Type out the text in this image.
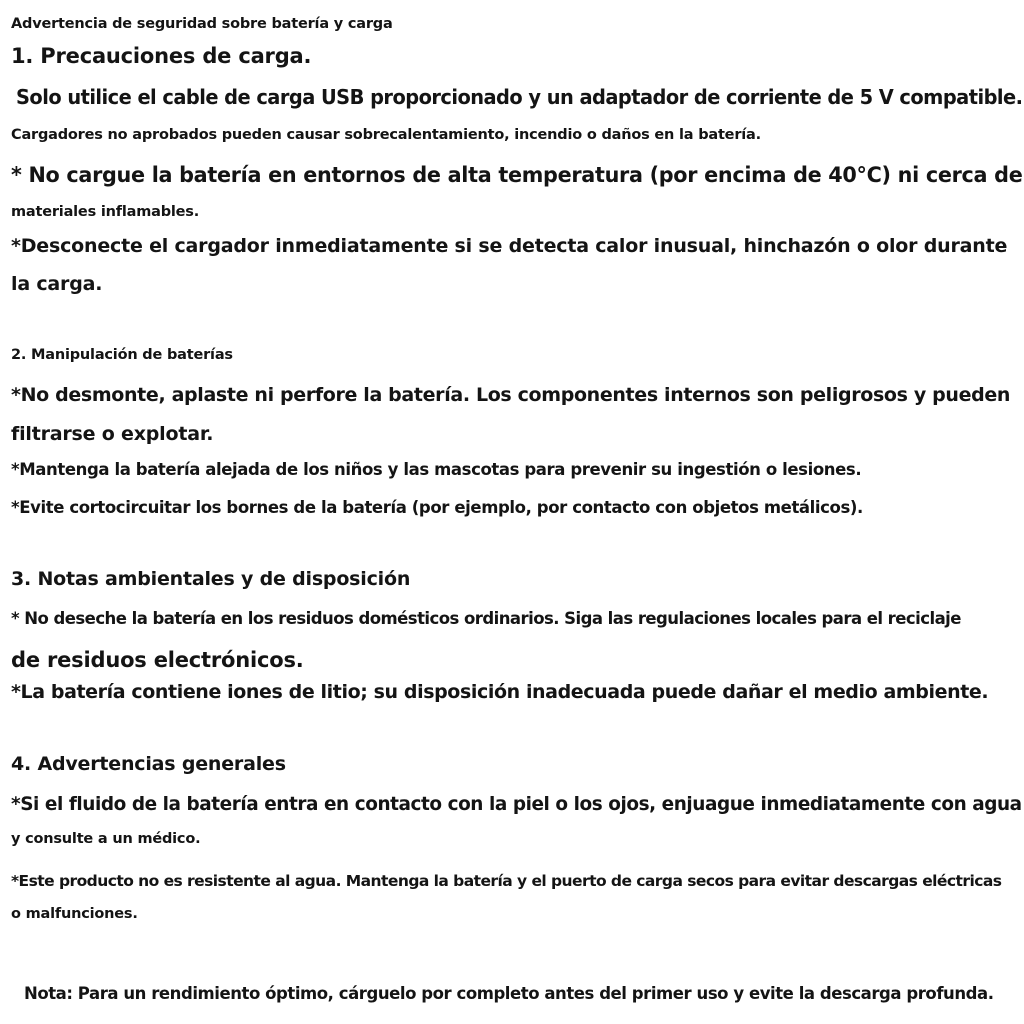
Advertencia de seguridad sobre batería y carga
1. Precauciones de carga.
Solo utilice el cable de carga USB proporcionado y un adaptador de corriente de 5 V compatible.
Cargadores no aprobados pueden causar sobrecalentamiento, incendio o daños en la batería.
* No cargue la batería en entornos de alta temperatura (por encima de 40°C) ni cerca de
materiales inflamables.
*Desconecte el cargador inmediatamente si se detecta calor inusual, hinchazón o olor durante
la carga.
2. Manipulación de baterías
*No desmonte, aplaste ni perfore la batería. Los componentes internos son peligrosos y pueden
filtrarse o explotar.
*Mantenga la batería alejada de los niños y las mascotas para prevenir su ingestión o lesiones.
*Evite cortocircuitar los bornes de la batería (por ejemplo, por contacto con objetos metálicos).
3. Notas ambientales y de disposición
* No deseche la batería en los residuos domésticos ordinarios. Siga las regulaciones locales para el reciclaje
de residuos electrónicos.
*La batería contiene iones de litio; su disposición inadecuada puede dañar el medio ambiente.
4. Advertencias generales
*Si el fluido de la batería entra en contacto con la piel o los ojos, enjuague inmediatamente con agua
y consulte a un médico.
*Este producto no es resistente al agua. Mantenga la batería y el puerto de carga secos para evitar descargas eléctricas
o malfunciones.
Nota: Para un rendimiento óptimo, cárguelo por completo antes del primer uso y evite la descarga profunda.
